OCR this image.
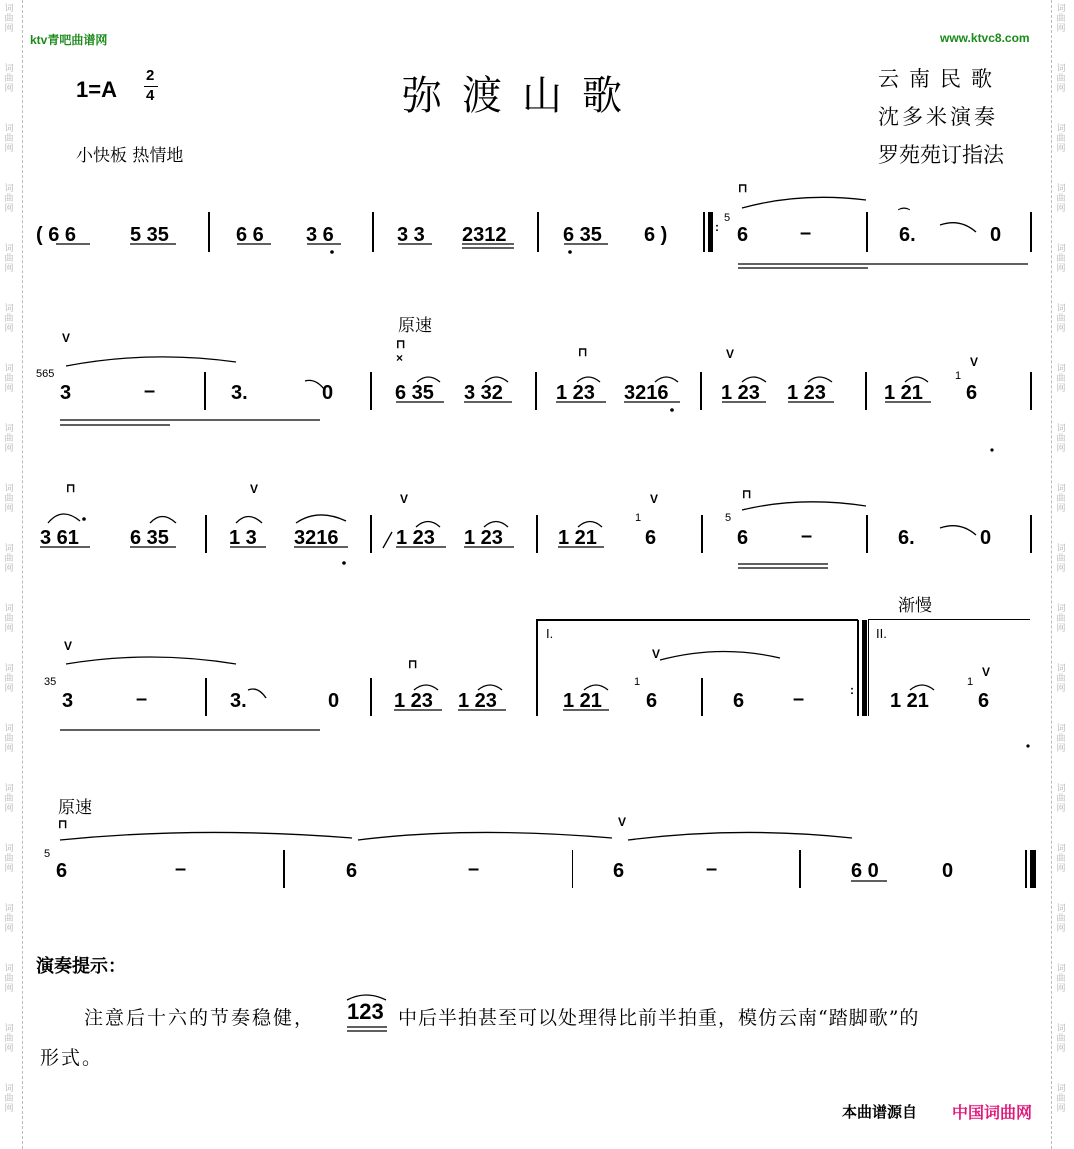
词
曲
网
词
曲
网
词
曲
网
词
曲
网
词
曲
网
词
曲
网
词
曲
网
词
曲
网
词
曲
网
词
曲
网
词
曲
网
词
曲
网
词
曲
网
词
曲
网
词
曲
网
词
曲
网
词
曲
网
词
曲
网
词
曲
网
词
曲
网
词
曲
网
词
曲
网
词
曲
网
词
曲
网
词
曲
网
词
曲
网
词
曲
网
词
曲
网
词
曲
网
词
曲
网
词
曲
网
词
曲
网
词
曲
网
词
曲
网
词
曲
网
词
曲
网
词
曲
网
词
曲
网
ktv青吧曲谱网	www.ktvc8.com
1=A
2
4	弥渡山歌	云南民歌
沈多米演奏
罗苑苑订指法
小快板 热情地
( 6 6	5 35	6 6 3 6	3 3 2312	6 35 6 )	:
5
6	–	6.	0
565
3	–	3.	0	6 35 3 32	1 23 3216	1 23 1 23	1 21
1
6
3 61	6 35	1 3 3216	1 23 1 23	1 21
1
6
5
6	–	6.	0
35
3	–	3.	0	1 23 1 23
I.
1 21
1
6	6 –	:
II.
渐慢
1 21
1
6
原速
5
6	–	6	–	6	–	6 0	0
原速
⊓
⌒
V	⊓
×	⊓	V
V
⊓	V
V	V	⊓
V
⊓
V
V
⊓	V
演奏提示：
注意后十六的节奏稳健， 123 中后半拍甚至可以处理得比前半拍重，模仿云南“踏脚歌”的
形式。
本曲谱源自 中国词曲网
